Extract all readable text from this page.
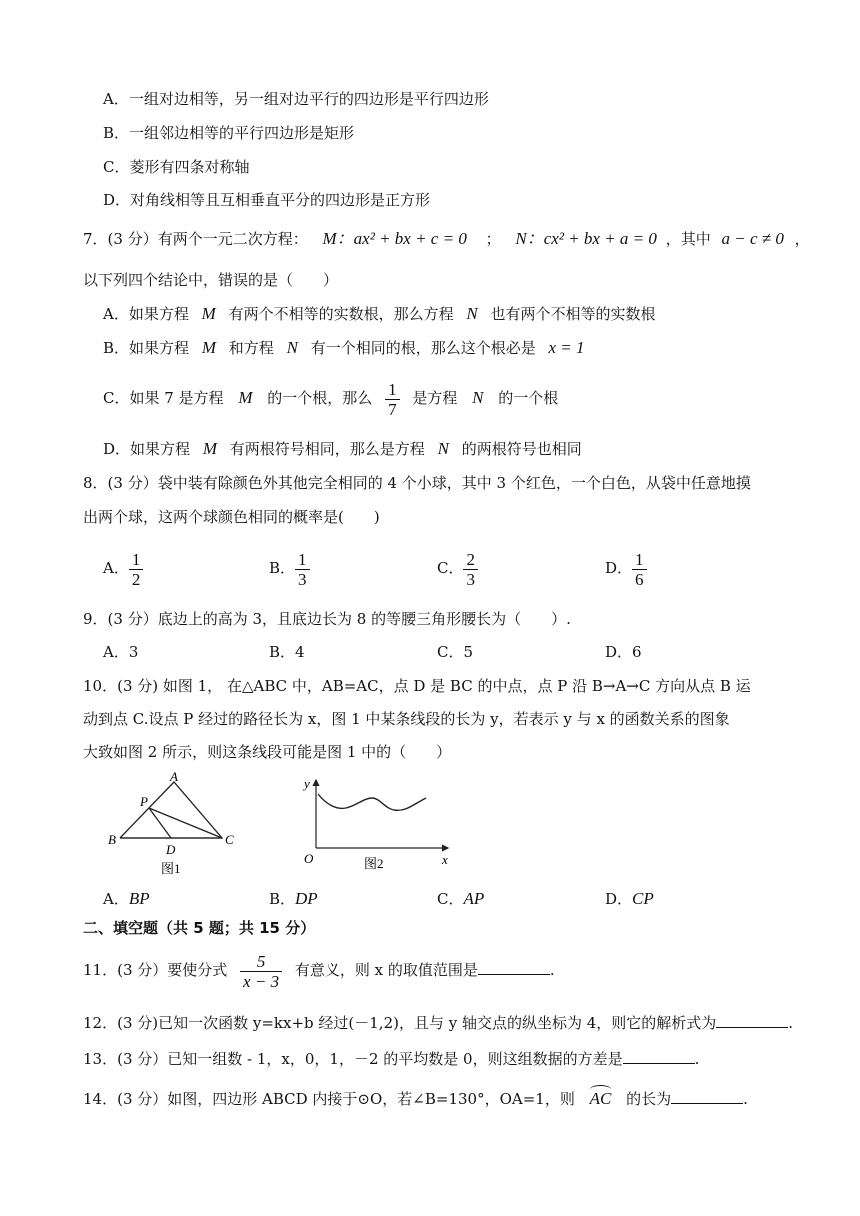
A．一组对边相等，另一组对边平行的四边形是平行四边形
B．一组邻边相等的平行四边形是矩形
C．菱形有四条对称轴
D．对角线相等且互相垂直平分的四边形是正方形
7．(3 分）有两个一元二次方程： M：ax² + bx + c = 0 ； N：cx² + bx + a = 0 ，其中 a − c ≠ 0 ，
以下列四个结论中，错误的是（　　）
A．如果方程 M 有两个不相等的实数根，那么方程 N 也有两个不相等的实数根
B．如果方程 M 和方程 N 有一个相同的根，那么这个根必是 x = 1
C．如果 7 是方程 M 的一个根，那么 $\frac{1}{7}$ 是方程 N 的一个根
D．如果方程 M 有两根符号相同，那么是方程 N 的两根符号也相同
8．(3 分）袋中装有除颜色外其他完全相同的 4 个小球，其中 3 个红色，一个白色，从袋中任意地摸
出两个球，这两个球颜色相同的概率是(　　)
A． $\frac{1}{2}$	B． $\frac{1}{3}$	C． $\frac{2}{3}$	D． $\frac{1}{6}$
9．(3 分）底边上的高为 3，且底边长为 8 的等腰三角形腰长为（　　）.
A．3	B．4	C．5	D．6
10．(3 分) 如图 1， 在△ABC 中，AB=AC，点 D 是 BC 的中点，点 P 沿 B→A→C 方向从点 B 运
动到点 C.设点 P 经过的路径长为 x，图 1 中某条线段的长为 y，若表示 y 与 x 的函数关系的图象
大致如图 2 所示，则这条线段可能是图 1 中的（　　）
A
B	C
D
P
图1
y
x
O	图2
A．BP	B．DP	C．AP	D．CP
二、填空题（共 5 题；共 15 分）
11．(3 分）要使分式 $\frac{5}{x - 3}$ 有意义，则 x 的取值范围是	.
12．(3 分)已知一次函数 y=kx+b 经过(－1,2)，且与 y 轴交点的纵坐标为 4，则它的解析式为	.
13．(3 分）已知一组数 - 1，x，0，1，－2 的平均数是 0，则这组数据的方差是	.
14．(3 分）如图，四边形 ABCD 内接于⊙O，若∠B=130°，OA=1，则 AC 的长为	.
